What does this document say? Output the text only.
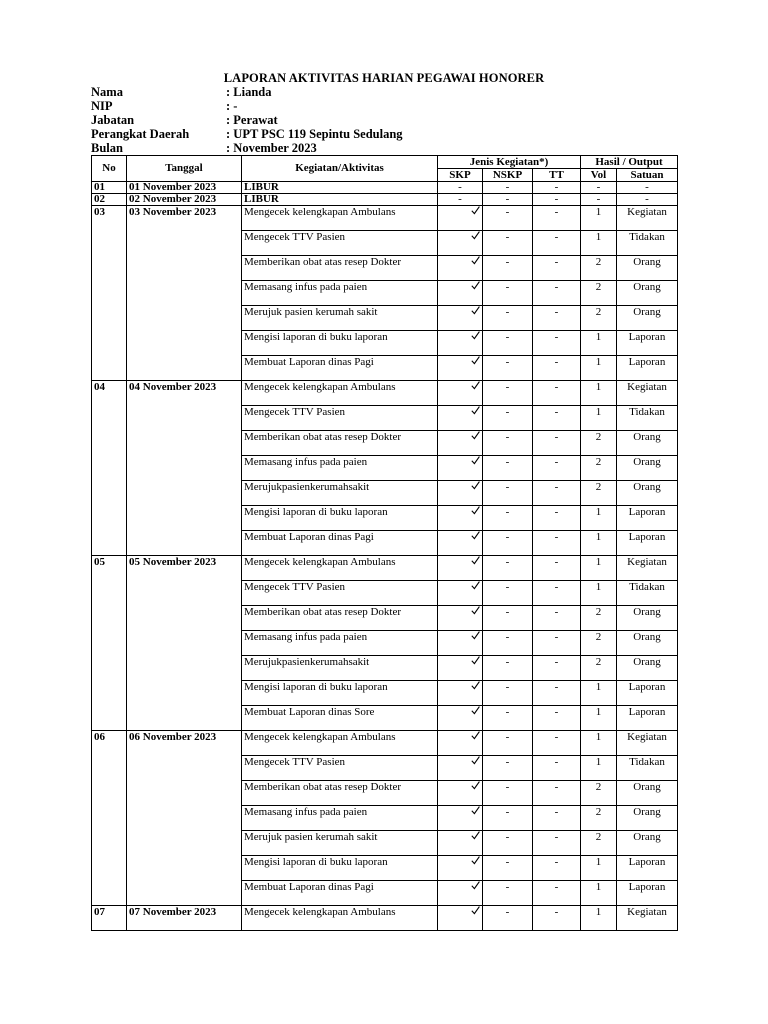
LAPORAN AKTIVITAS HARIAN PEGAWAI HONORER
Nama	: Lianda
NIP	: -
Jabatan	: Perawat
Perangkat Daerah	: UPT PSC 119 Sepintu Sedulang
Bulan	: November 2023
No	Tanggal	Kegiatan/Aktivitas	Jenis Kegiatan*)			Hasil / Output	
			SKP	NSKP	TT	Vol	Satuan
01	01 November 2023	LIBUR	-	-	-	-	-
02	02 November 2023	LIBUR	-	-	-	-	-
03	03 November 2023	Mengecek kelengkapan Ambulans		-	-	1	Kegiatan
		Mengecek TTV Pasien		-	-	1	Tidakan
		Memberikan obat atas resep Dokter		-	-	2	Orang
		Memasang infus pada paien		-	-	2	Orang
		Merujuk pasien kerumah sakit		-	-	2	Orang
		Mengisi laporan di buku laporan		-	-	1	Laporan
		Membuat Laporan dinas Pagi		-	-	1	Laporan
04	04 November 2023	Mengecek kelengkapan Ambulans		-	-	1	Kegiatan
		Mengecek TTV Pasien		-	-	1	Tidakan
		Memberikan obat atas resep Dokter		-	-	2	Orang
		Memasang infus pada paien		-	-	2	Orang
		Merujukpasienkerumahsakit		-	-	2	Orang
		Mengisi laporan di buku laporan		-	-	1	Laporan
		Membuat Laporan dinas Pagi		-	-	1	Laporan
05	05 November 2023	Mengecek kelengkapan Ambulans		-	-	1	Kegiatan
		Mengecek TTV Pasien		-	-	1	Tidakan
		Memberikan obat atas resep Dokter		-	-	2	Orang
		Memasang infus pada paien		-	-	2	Orang
		Merujukpasienkerumahsakit		-	-	2	Orang
		Mengisi laporan di buku laporan		-	-	1	Laporan
		Membuat Laporan dinas Sore		-	-	1	Laporan
06	06 November 2023	Mengecek kelengkapan Ambulans		-	-	1	Kegiatan
		Mengecek TTV Pasien		-	-	1	Tidakan
		Memberikan obat atas resep Dokter		-	-	2	Orang
		Memasang infus pada paien		-	-	2	Orang
		Merujuk pasien kerumah sakit		-	-	2	Orang
		Mengisi laporan di buku laporan		-	-	1	Laporan
		Membuat Laporan dinas Pagi		-	-	1	Laporan
07	07 November 2023	Mengecek kelengkapan Ambulans		-	-	1	Kegiatan
